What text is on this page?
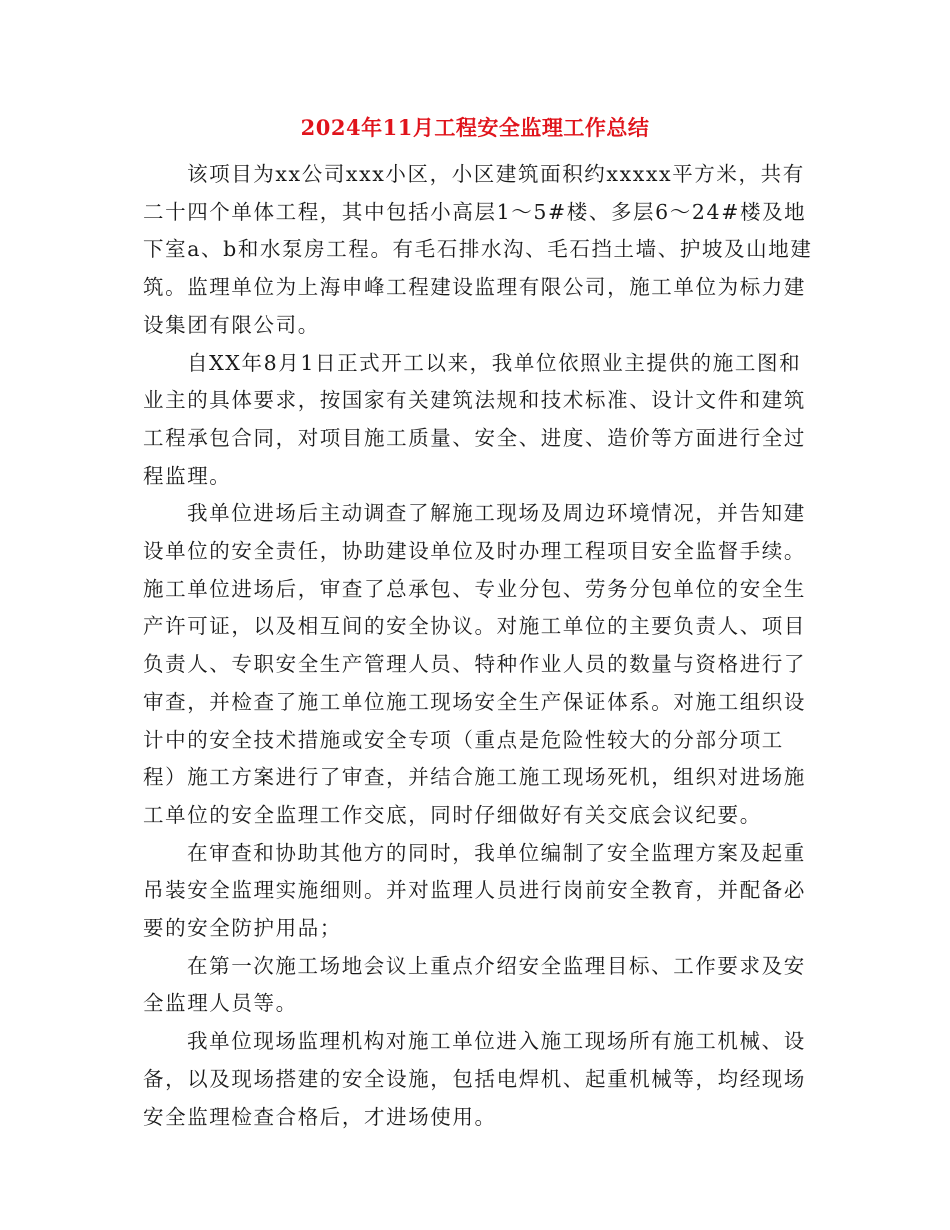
2024年11月工程安全监理工作总结

该项目为xx公司xxx小区，小区建筑面积约xxxxx平方米，共有二十四个单体工程，其中包括小高层1～5#楼、多层6～24#楼及地下室a、b和水泵房工程。有毛石排水沟、毛石挡土墙、护坡及山地建筑。监理单位为上海申峰工程建设监理有限公司，施工单位为标力建设集团有限公司。

自XX年8月1日正式开工以来，我单位依照业主提供的施工图和业主的具体要求，按国家有关建筑法规和技术标准、设计文件和建筑工程承包合同，对项目施工质量、安全、进度、造价等方面进行全过程监理。

我单位进场后主动调查了解施工现场及周边环境情况，并告知建设单位的安全责任，协助建设单位及时办理工程项目安全监督手续。施工单位进场后，审查了总承包、专业分包、劳务分包单位的安全生产许可证，以及相互间的安全协议。对施工单位的主要负责人、项目负责人、专职安全生产管理人员、特种作业人员的数量与资格进行了审查，并检查了施工单位施工现场安全生产保证体系。对施工组织设计中的安全技术措施或安全专项（重点是危险性较大的分部分项工程）施工方案进行了审查，并结合施工施工现场死机，组织对进场施工单位的安全监理工作交底，同时仔细做好有关交底会议纪要。

在审查和协助其他方的同时，我单位编制了安全监理方案及起重吊装安全监理实施细则。并对监理人员进行岗前安全教育，并配备必要的安全防护用品；

在第一次施工场地会议上重点介绍安全监理目标、工作要求及安全监理人员等。

我单位现场监理机构对施工单位进入施工现场所有施工机械、设备，以及现场搭建的安全设施，包括电焊机、起重机械等，均经现场安全监理检查合格后，才进场使用。
